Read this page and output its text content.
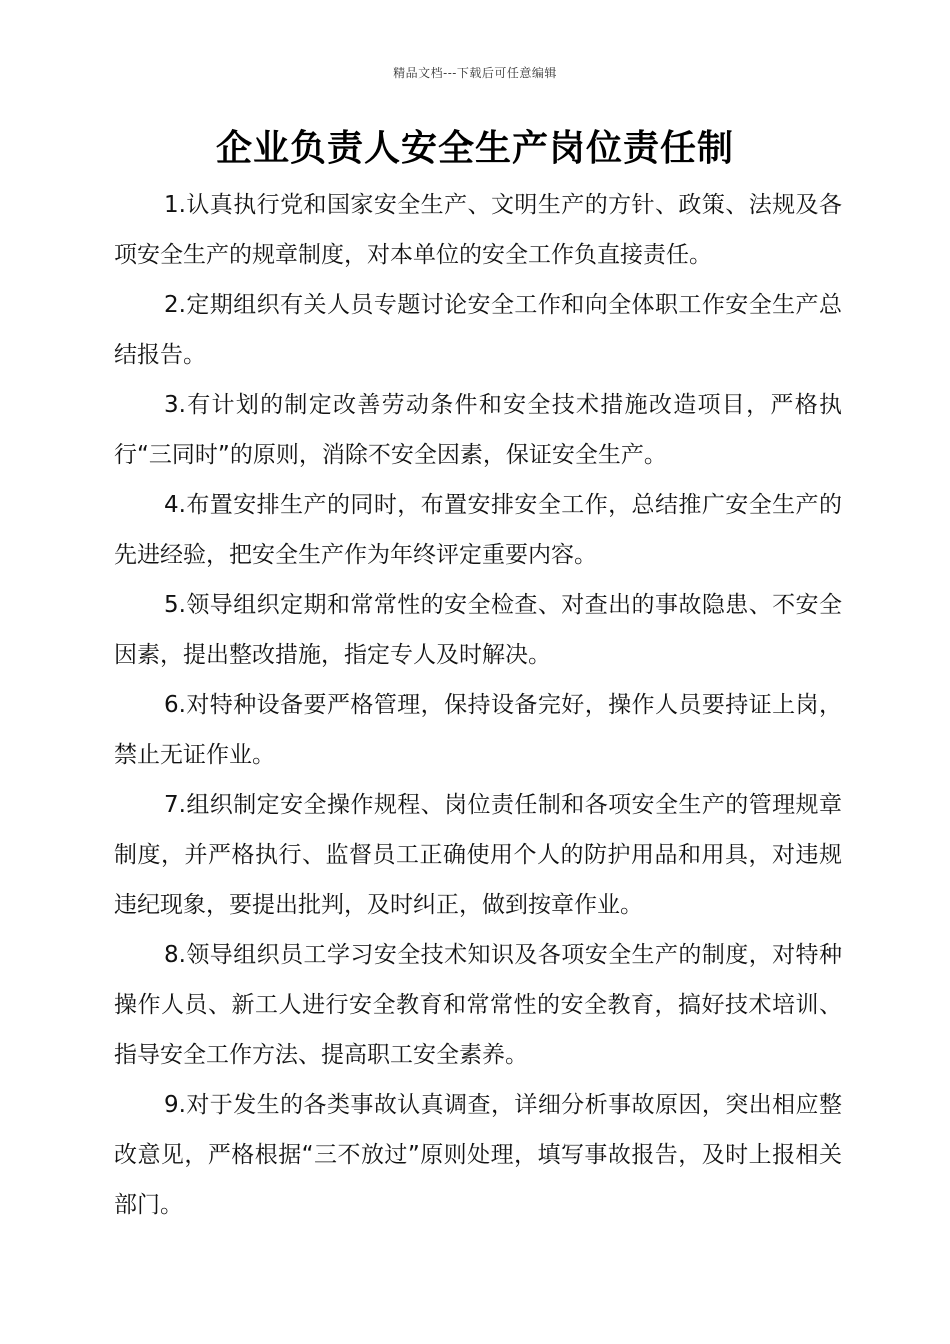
精品文档---下载后可任意编辑
企业负责人安全生产岗位责任制

1.认真执行党和国家安全生产、文明生产的方针、政策、法规及各项安全生产的规章制度，对本单位的安全工作负直接责任。

2.定期组织有关人员专题讨论安全工作和向全体职工作安全生产总结报告。

3.有计划的制定改善劳动条件和安全技术措施改造项目，严格执行“三同时”的原则，消除不安全因素，保证安全生产。

4.布置安排生产的同时，布置安排安全工作，总结推广安全生产的先进经验，把安全生产作为年终评定重要内容。

5.领导组织定期和常常性的安全检查、对查出的事故隐患、不安全因素，提出整改措施，指定专人及时解决。

6.对特种设备要严格管理，保持设备完好，操作人员要持证上岗，禁止无证作业。

7.组织制定安全操作规程、岗位责任制和各项安全生产的管理规章制度，并严格执行、监督员工正确使用个人的防护用品和用具，对违规违纪现象，要提出批判，及时纠正，做到按章作业。

8.领导组织员工学习安全技术知识及各项安全生产的制度，对特种操作人员、新工人进行安全教育和常常性的安全教育，搞好技术培训、指导安全工作方法、提高职工安全素养。

9.对于发生的各类事故认真调查，详细分析事故原因，突出相应整改意见，严格根据“三不放过”原则处理，填写事故报告，及时上报相关部门。
